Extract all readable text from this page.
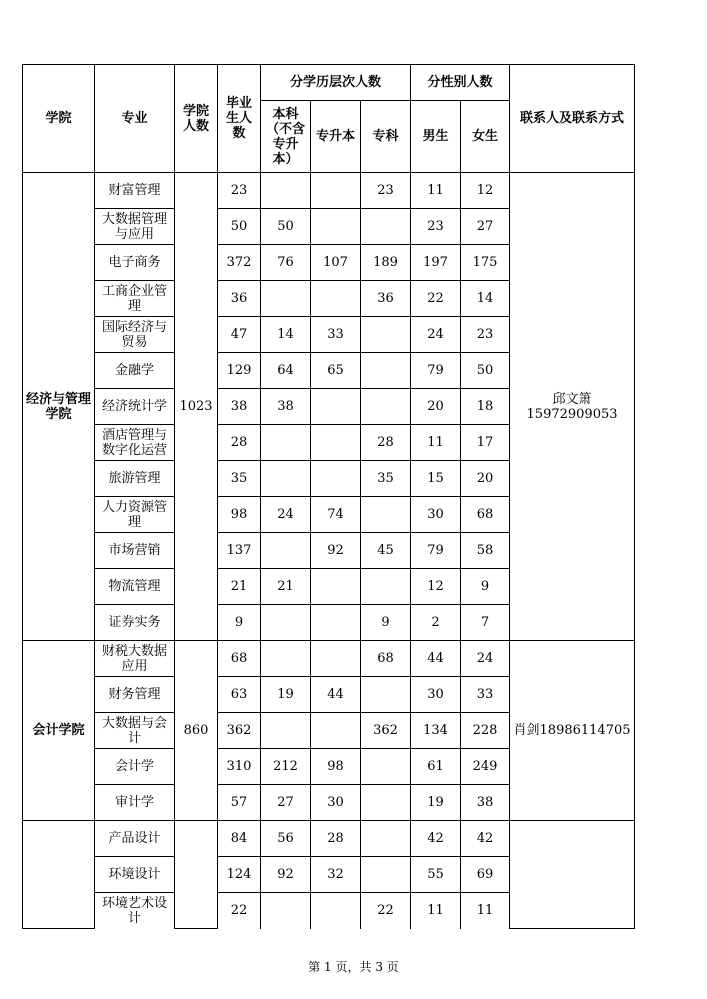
学院	专业	学院人数	毕业生人数	分学历层次人数			分性别人数		联系人及联系方式
				本科（不含专升本）	专升本	专科	男生	女生	
经济与管理学院	财富管理	1023	23			23	11	12	邱文箫
15972909053
	大数据管理与应用		50	50			23	27	
	电子商务		372	76	107	189	197	175	
	工商企业管理		36			36	22	14	
	国际经济与贸易		47	14	33		24	23	
	金融学		129	64	65		79	50	
	经济统计学		38	38			20	18	
	酒店管理与数字化运营		28			28	11	17	
	旅游管理		35			35	15	20	
	人力资源管理		98	24	74		30	68	
	市场营销		137		92	45	79	58	
	物流管理		21	21			12	9	
	证券实务		9			9	2	7	
会计学院	财税大数据应用	860	68			68	44	24	肖剑18986114705
	财务管理		63	19	44		30	33	
	大数据与会计		362			362	134	228	
	会计学		310	212	98		61	249	
	审计学		57	27	30		19	38	
	产品设计		84	56	28		42	42	
	环境设计		124	92	32		55	69	
	环境艺术设计		22			22	11	11	
第 1 页，共 3 页
